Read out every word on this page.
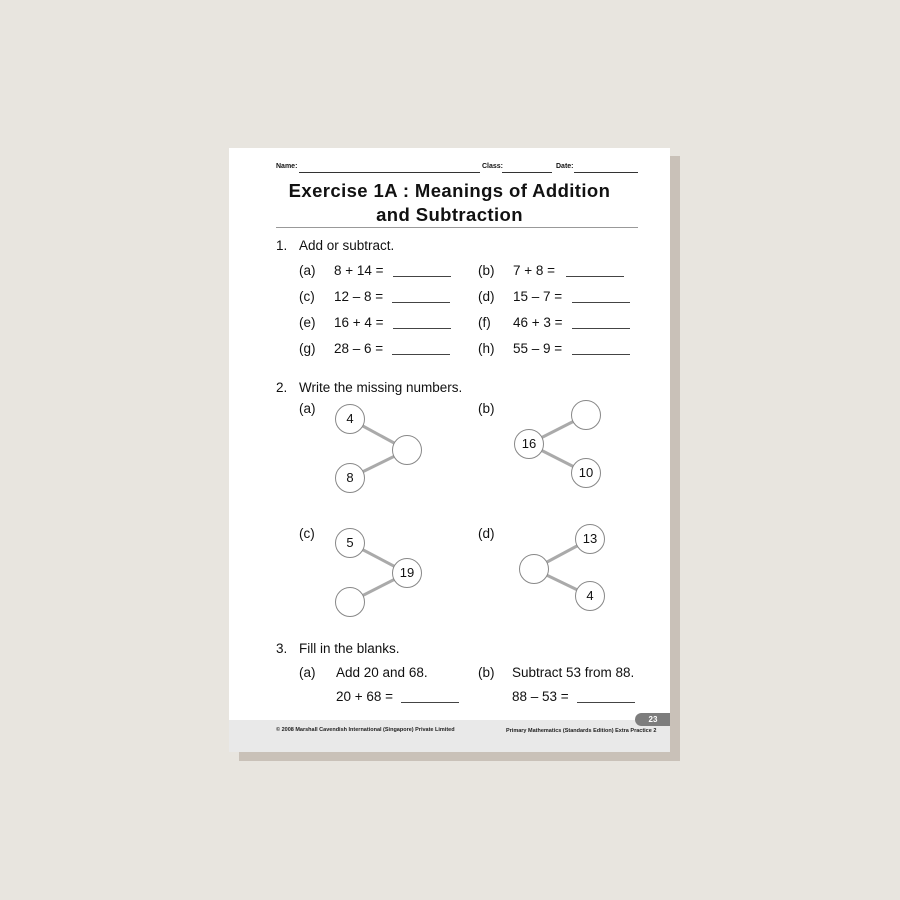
Name:	Class:	Date:
Exercise 1A : Meanings of Addition
and Subtraction
1. Add or subtract.
(a) 8 + 14 =	(b) 7 + 8 =
(c) 12 – 8 =	(d) 15 – 7 =
(e) 16 + 4 =	(f) 46 + 3 =
(g) 28 – 6 =	(h) 55 – 9 =
2. Write the missing numbers.
(a)
4
8
(b)
16
10
(c)
5
19
(d)	13
4
3. Fill in the blanks.
(a) Add 20 and 68.
20 + 68 =
(b) Subtract 53 from 88.
88 – 53 =
23
© 2008 Marshall Cavendish International (Singapore) Private Limited	Primary Mathematics (Standards Edition) Extra Practice 2
